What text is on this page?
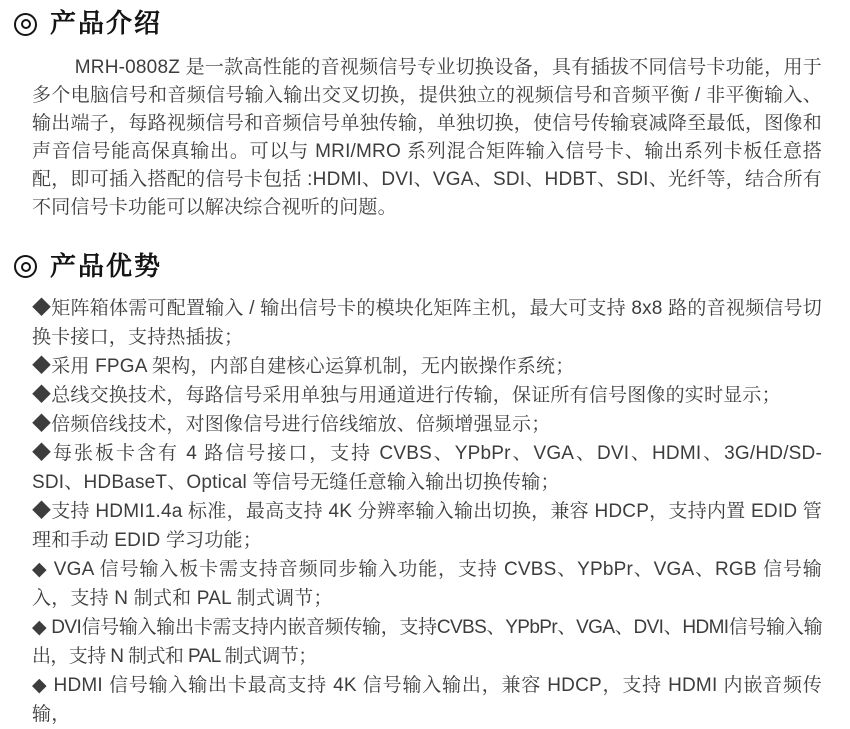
产品介绍

MRH-0808Z 是一款高性能的音视频信号专业切换设备，具有插拔不同信号卡功能，用于多个电脑信号和音频信号输入输出交叉切换，提供独立的视频信号和音频平衡 / 非平衡输入、输出端子，每路视频信号和音频信号单独传输，单独切换，使信号传输衰减降至最低，图像和声音信号能高保真输出。可以与 MRI/MRO 系列混合矩阵输入信号卡、输出系列卡板任意搭配，即可插入搭配的信号卡包括 :HDMI、DVI、VGA、SDI、HDBT、SDI、光纤等，结合所有不同信号卡功能可以解决综合视听的问题。

产品优势

◆矩阵箱体需可配置输入 / 输出信号卡的模块化矩阵主机，最大可支持 8x8 路的音视频信号切换卡接口，支持热插拔；

◆采用 FPGA 架构，内部自建核心运算机制，无内嵌操作系统；

◆总线交换技术，每路信号采用单独与用通道进行传输，保证所有信号图像的实时显示；

◆倍频倍线技术，对图像信号进行倍线缩放、倍频增强显示；

◆每张板卡含有 4 路信号接口，支持 CVBS、YPbPr、VGA、DVI、HDMI、3G/HD/SD-SDI、HDBaseT、Optical 等信号无缝任意输入输出切换传输；

◆支持 HDMI1.4a 标准，最高支持 4K 分辨率输入输出切换，兼容 HDCP，支持内置 EDID 管理和手动 EDID 学习功能；

◆ VGA 信号输入板卡需支持音频同步输入功能，支持 CVBS、YPbPr、VGA、RGB 信号输入，支持 N 制式和 PAL 制式调节；

◆ DVI信号输入输出卡需支持内嵌音频传输，支持CVBS、YPbPr、VGA、DVI、HDMI信号输入输出，支持 N 制式和 PAL 制式调节；

◆ HDMI 信号输入输出卡最高支持 4K 信号输入输出，兼容 HDCP，支持 HDMI 内嵌音频传输，
